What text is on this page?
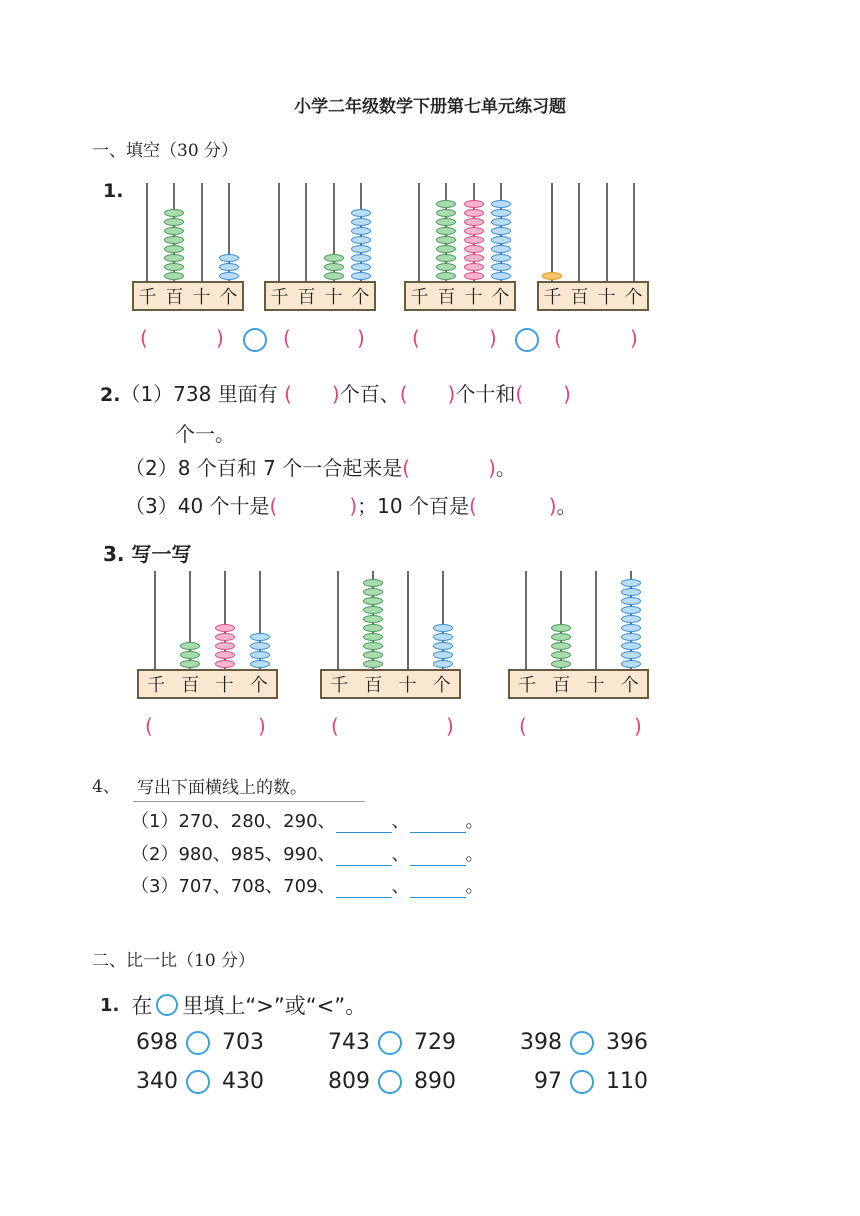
小学二年级数学下册第七单元练习题
一、填空（30 分）
1.
千 百 十 个 千 百 十 个 千 百 十 个 千 百 十 个
(	)	(	) (	)	(	)
2.（1）738 里面有 ( )个百、( )个十和( )
个一。
（2）8 个百和 7 个一合起来是(	)。
（3）40 个十是(	)；10 个百是(	)。
3. 写一写
千 百 十 个	千 百 十 个	千 百 十 个
(	)	(	)	(	)
4、 写出下面横线上的数。
（1）270、280、290、	、	。
（2）980、985、990、	、	。
（3）707、708、709、	、	。
二、比一比（10 分）
1. 在 里填上“>”或“<”。
698 703	743 729	398 396
340 430	809 890	97 110
